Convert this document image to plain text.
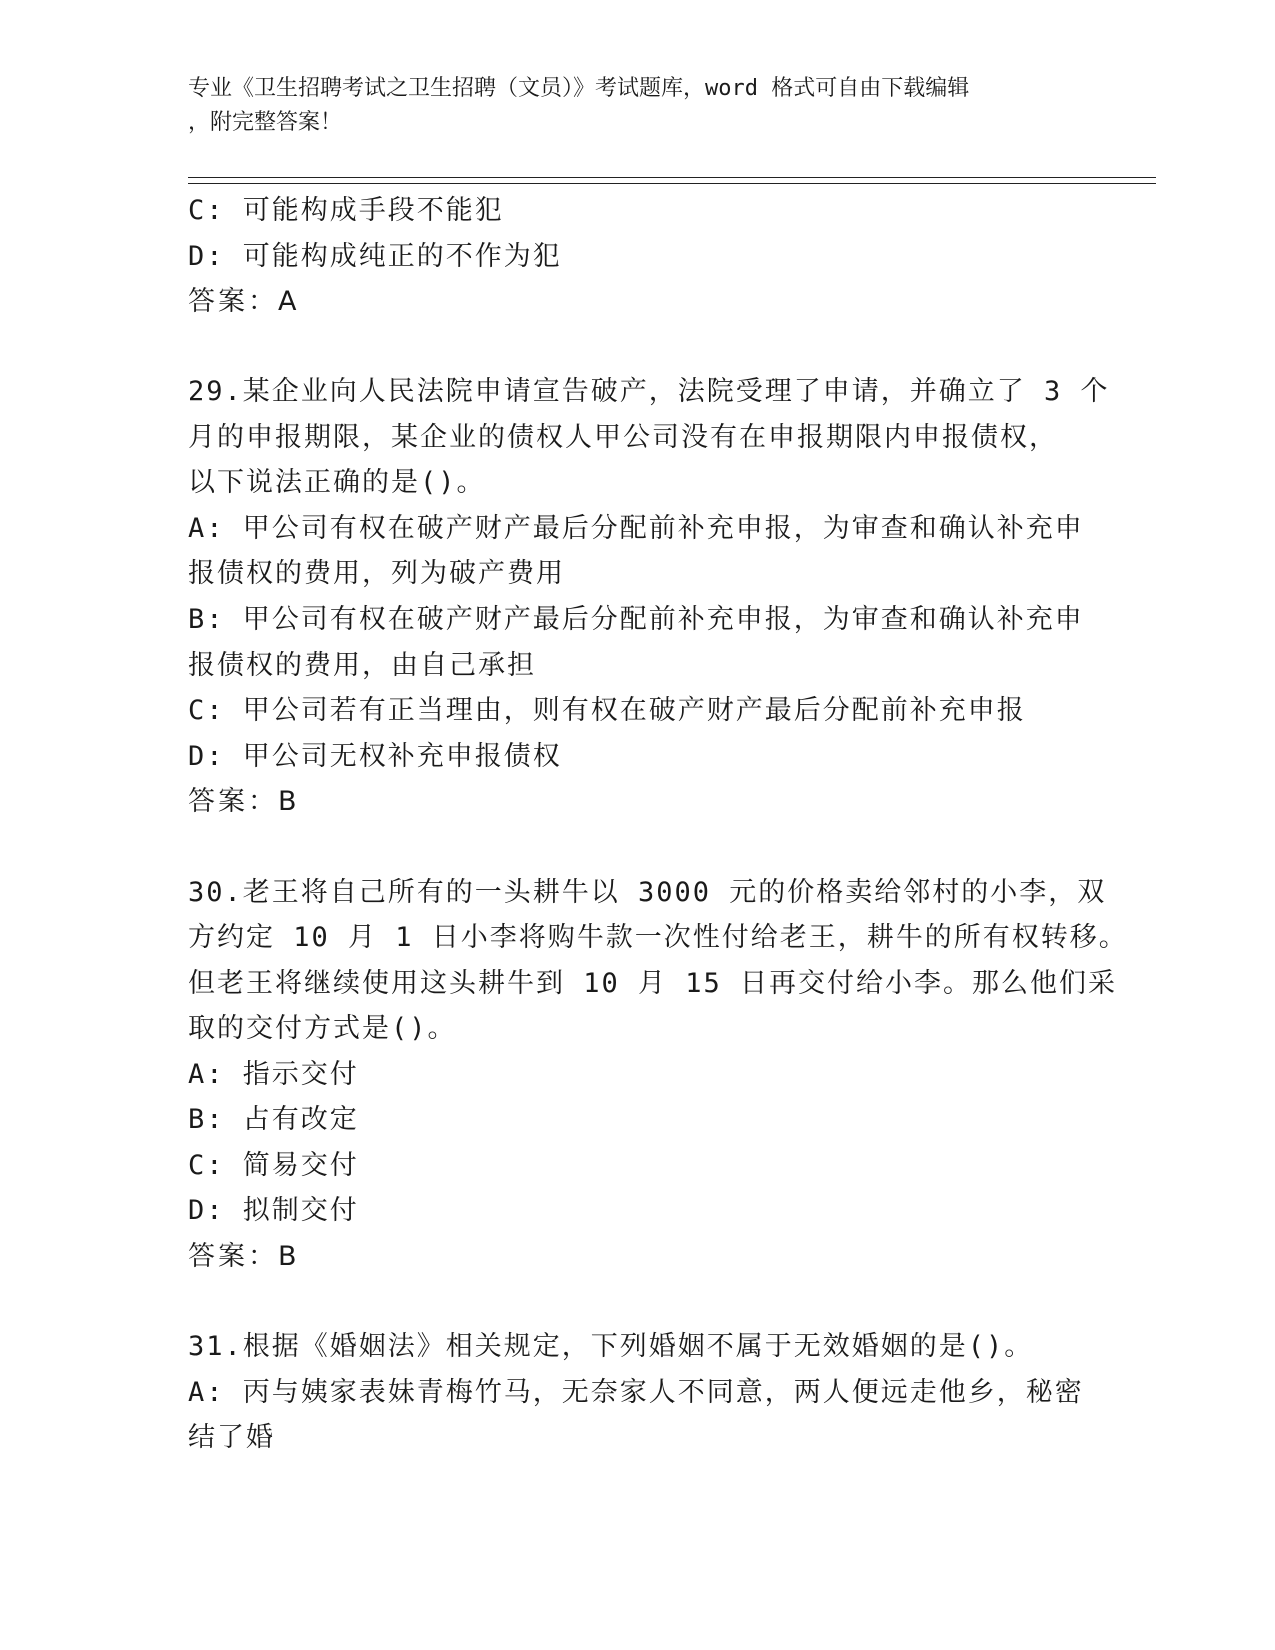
专业《卫生招聘考试之卫生招聘（文员）》考试题库，word 格式可自由下载编辑
，附完整答案！
C: 可能构成手段不能犯
D: 可能构成纯正的不作为犯
答案：A
29.某企业向人民法院申请宣告破产，法院受理了申请，并确立了 3 个
月的申报期限，某企业的债权人甲公司没有在申报期限内申报债权，
以下说法正确的是()。
A: 甲公司有权在破产财产最后分配前补充申报，为审查和确认补充申
报债权的费用，列为破产费用
B: 甲公司有权在破产财产最后分配前补充申报，为审查和确认补充申
报债权的费用，由自己承担
C: 甲公司若有正当理由，则有权在破产财产最后分配前补充申报
D: 甲公司无权补充申报债权
答案：B
30.老王将自己所有的一头耕牛以 3000 元的价格卖给邻村的小李，双
方约定 10 月 1 日小李将购牛款一次性付给老王，耕牛的所有权转移。
但老王将继续使用这头耕牛到 10 月 15 日再交付给小李。那么他们采
取的交付方式是()。
A: 指示交付
B: 占有改定
C: 简易交付
D: 拟制交付
答案：B
31.根据《婚姻法》相关规定，下列婚姻不属于无效婚姻的是()。
A: 丙与姨家表妹青梅竹马，无奈家人不同意，两人便远走他乡，秘密
结了婚
